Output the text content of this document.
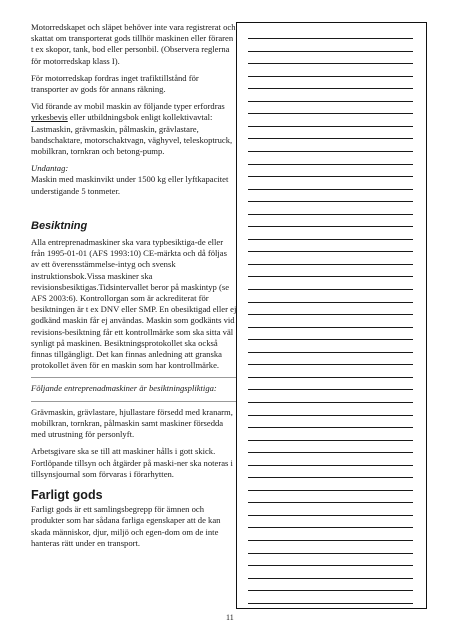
Motorredskapet och släpet behöver inte vara registrerat och skattat om transporterat gods tillhör maskinen eller föraren t ex skopor, tank, bod eller personbil. (Observera reglerna för motorredskap klass I).

För motorredskap fordras inget trafiktillstånd för transporter av gods för annans räkning.

Vid förande av mobil maskin av följande typer erfordras yrkesbevis eller utbildningsbok enligt kollektivavtal:

Lastmaskin, grävmaskin, pålmaskin, grävlastare, bandschaktare, motorschaktvagn, väghyvel, teleskoptruck, mobilkran, tornkran och betong-pump.

Undantag:

Maskin med maskinvikt under 1500 kg eller lyftkapacitet understigande 5 tonmeter.

Besiktning

Alla entreprenadmaskiner ska vara typbesiktiga-de eller från 1995-01-01 (AFS 1993:10) CE-märkta och då följas av ett överensstämmelse-intyg och svensk instruktionsbok.Vissa maskiner ska revisionsbesiktigas.Tidsintervallet beror på maskintyp (se AFS 2003:6). Kontrollorgan som är ackrediterat för besiktningen är t ex DNV eller SMP. En obesiktigad eller ej godkänd maskin får ej användas. Maskin som godkänts vid revisions-besiktning får ett kontrollmärke som ska sitta väl synligt på maskinen. Besiktningsprotokollet ska också finnas tillgängligt. Det kan finnas anledning att granska protokollet även för en maskin som har kontrollmärke.

Följande entreprenadmaskiner är besiktningspliktiga:

Grävmaskin, grävlastare, hjullastare försedd med kranarm, mobilkran, tornkran, pålmaskin samt maskiner försedda med utrustning för personlyft.

Arbetsgivare ska se till att maskiner hålls i gott skick. Fortlöpande tillsyn och åtgärder på maski-ner ska noteras i tillsynsjournal som förvaras i förarhytten.

Farligt gods

Farligt gods är ett samlingsbegrepp för ämnen och produkter som har sådana farliga egenskaper att de kan skada människor, djur, miljö och egen-dom om de inte hanteras rätt under en transport.

11
